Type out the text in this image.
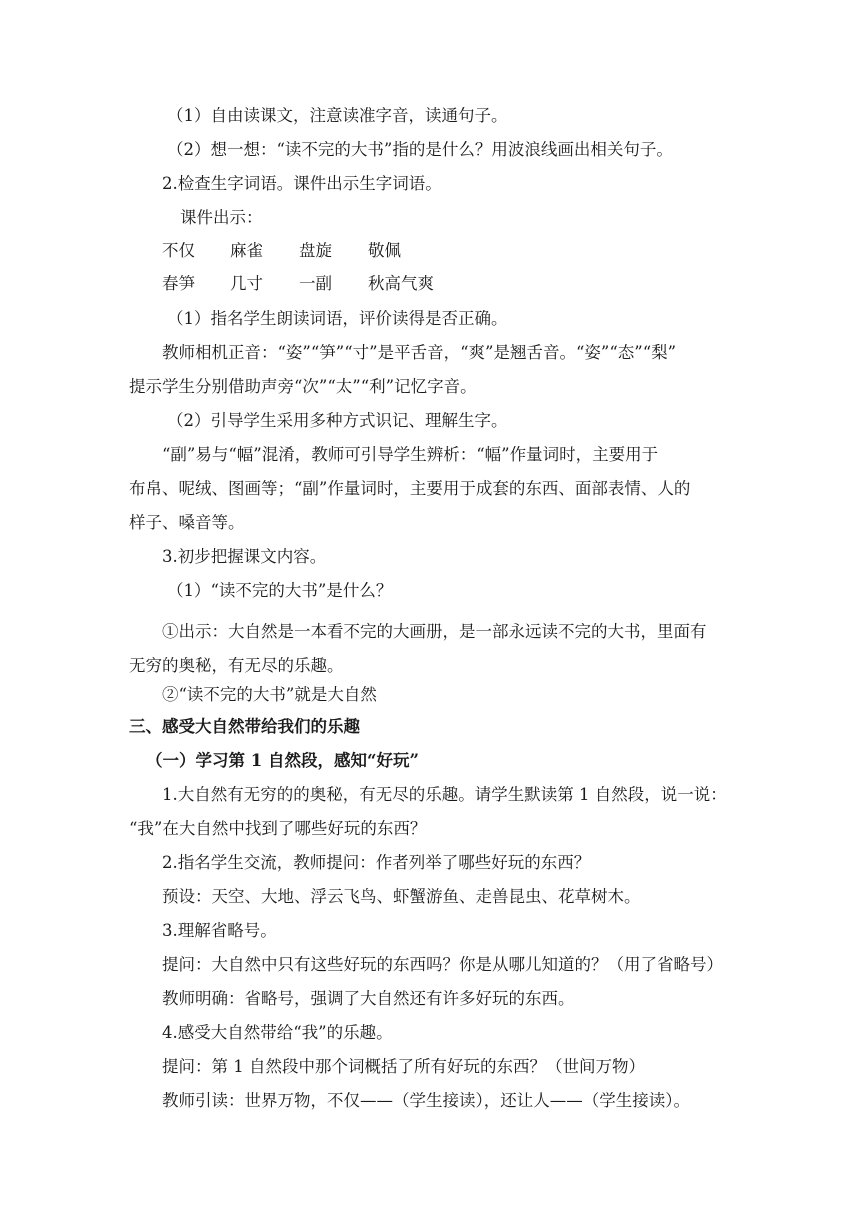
（1）自由读课文，注意读准字音，读通句子。
（2）想一想：“读不完的大书”指的是什么？用波浪线画出相关句子。
2.检查生字词语。课件出示生字词语。
课件出示：
不仅 麻雀 盘旋 敬佩
春笋 几寸 一副 秋高气爽
（1）指名学生朗读词语，评价读得是否正确。
教师相机正音：“姿”“笋”“寸”是平舌音，“爽”是翘舌音。“姿”“态”“梨”
提示学生分别借助声旁“次”“太”“利”记忆字音。
（2）引导学生采用多种方式识记、理解生字。
“副”易与“幅”混淆，教师可引导学生辨析：“幅”作量词时，主要用于
布帛、呢绒、图画等；“副”作量词时，主要用于成套的东西、面部表情、人的
样子、嗓音等。
3.初步把握课文内容。
（1）“读不完的大书”是什么？
①出示：大自然是一本看不完的大画册，是一部永远读不完的大书，里面有
无穷的奥秘，有无尽的乐趣。
②“读不完的大书”就是大自然
三、感受大自然带给我们的乐趣
（一）学习第 1 自然段，感知“好玩”
1.大自然有无穷的的奥秘，有无尽的乐趣。请学生默读第 1 自然段，说一说：
“我”在大自然中找到了哪些好玩的东西？
2.指名学生交流，教师提问：作者列举了哪些好玩的东西？
预设：天空、大地、浮云飞鸟、虾蟹游鱼、走兽昆虫、花草树木。
3.理解省略号。
提问：大自然中只有这些好玩的东西吗？你是从哪儿知道的？（用了省略号）
教师明确：省略号，强调了大自然还有许多好玩的东西。
4.感受大自然带给“我”的乐趣。
提问：第 1 自然段中那个词概括了所有好玩的东西？（世间万物）
教师引读：世界万物，不仅——（学生接读），还让人——（学生接读）。
